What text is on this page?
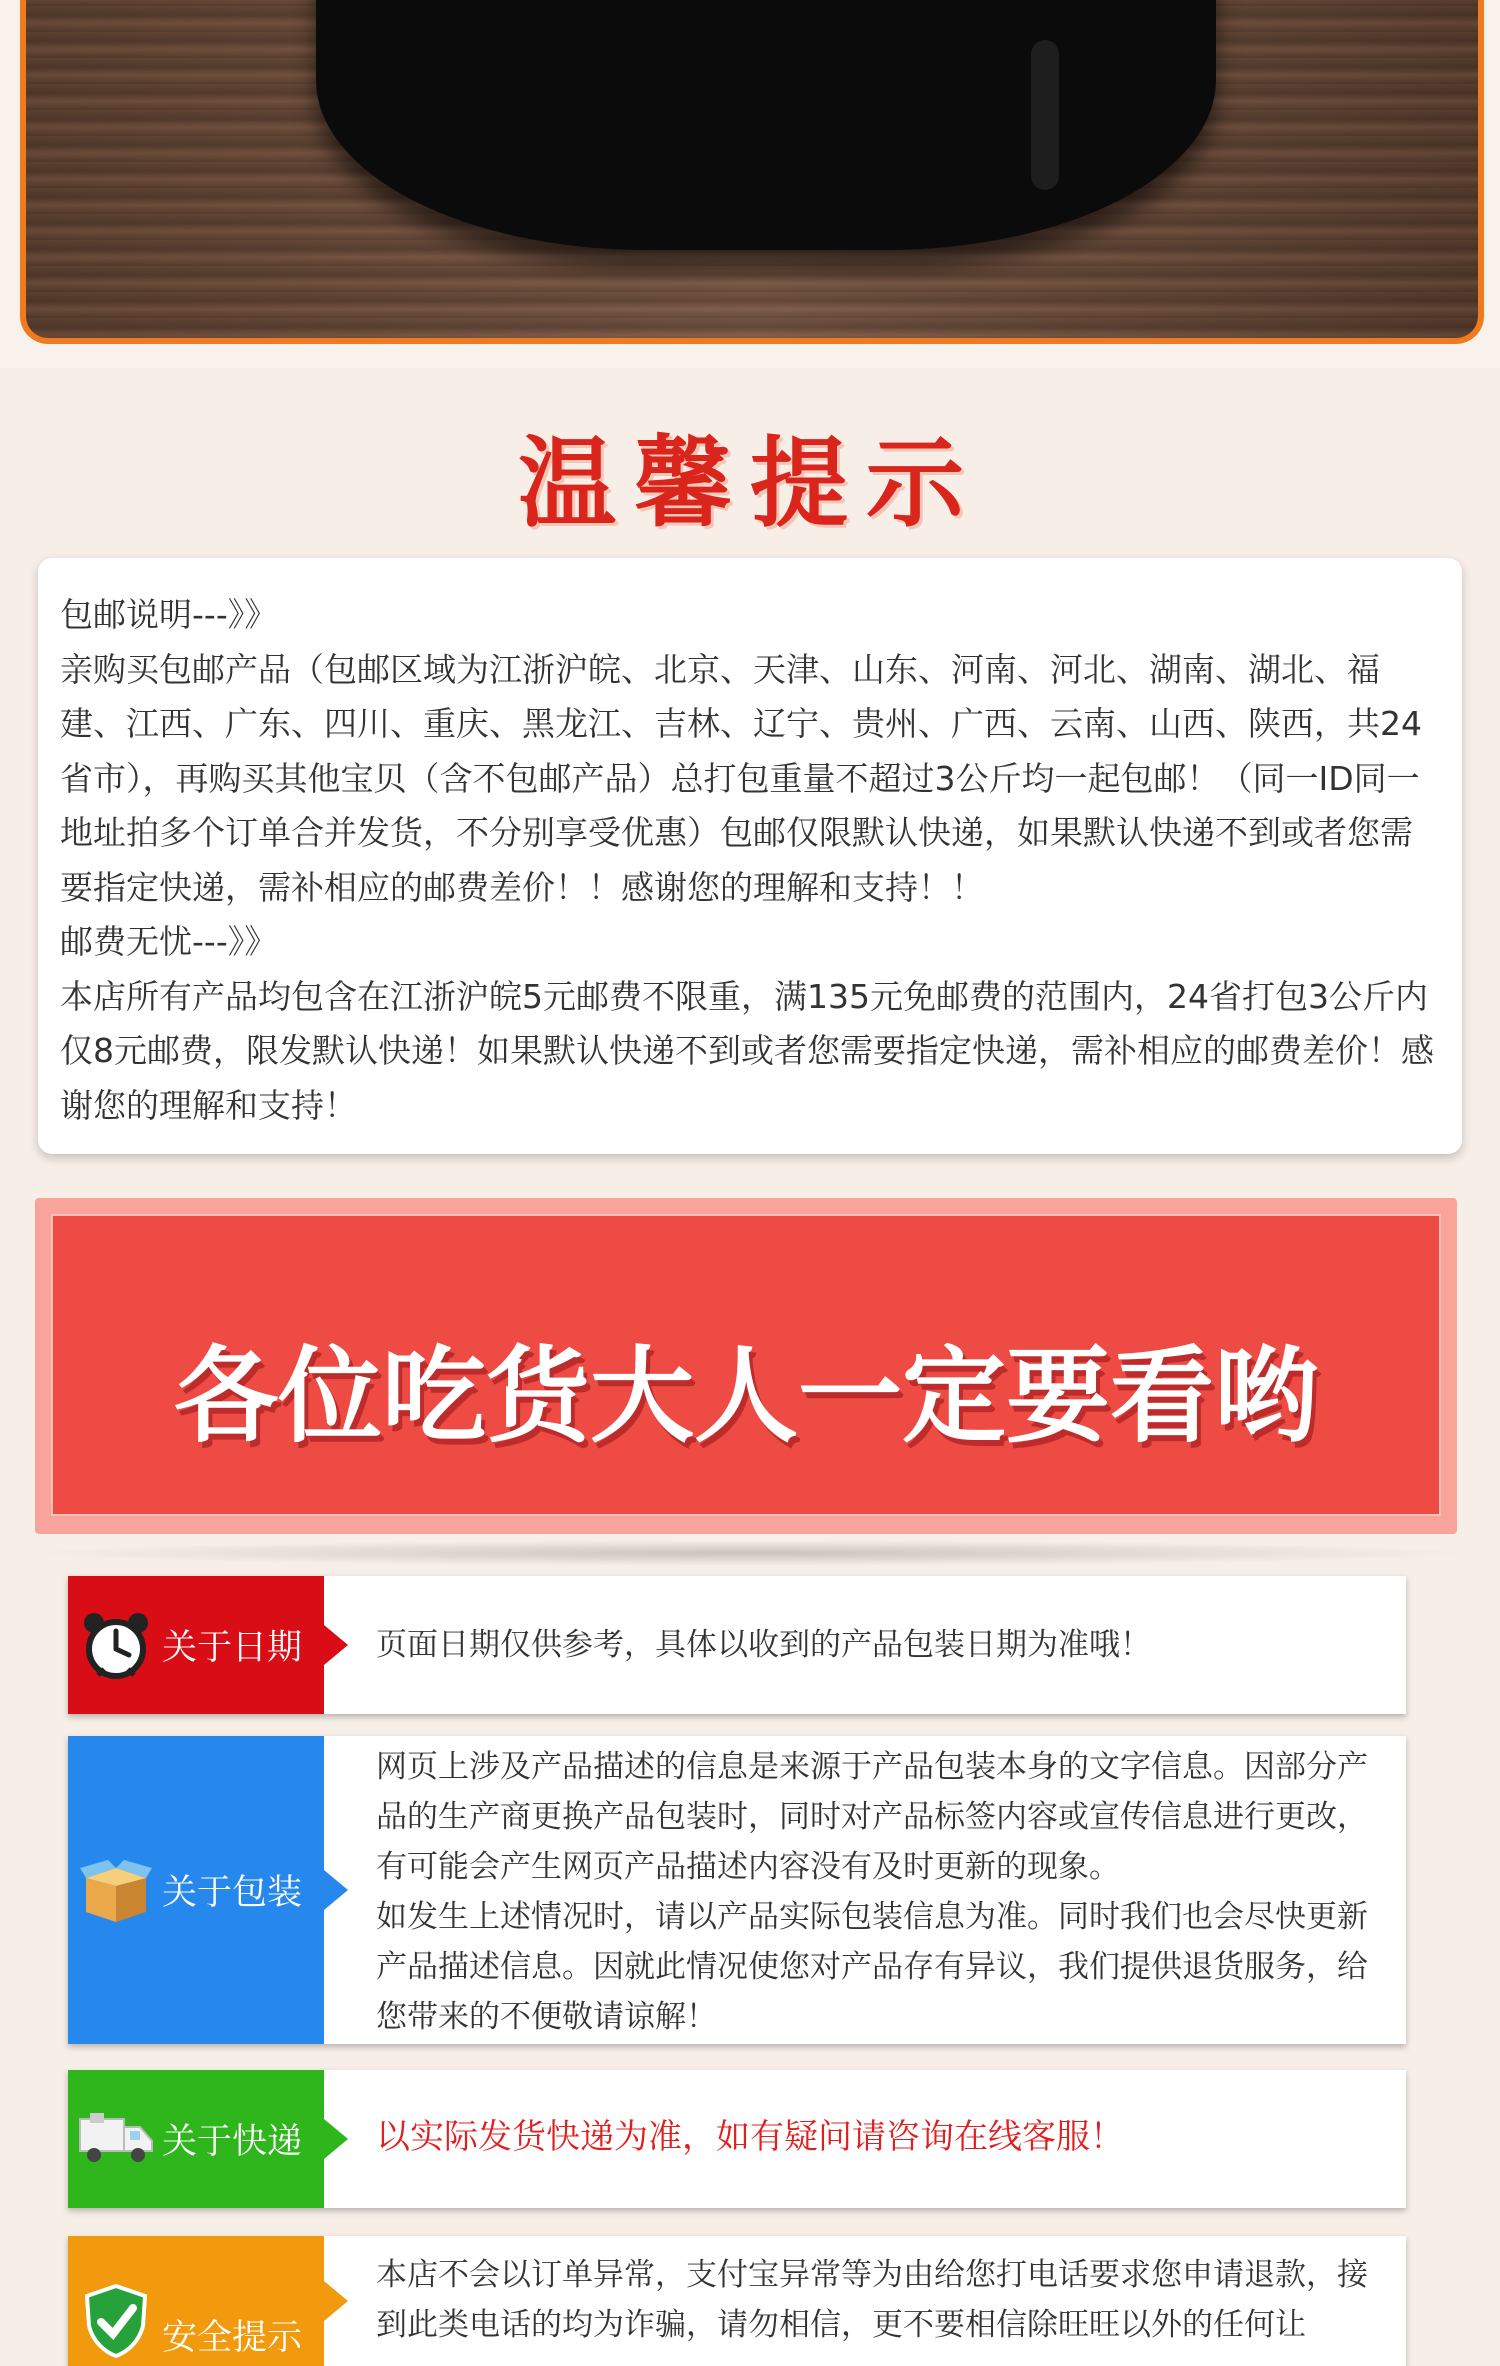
温馨提示

包邮说明---》》

亲购买包邮产品（包邮区域为江浙沪皖、北京、天津、山东、河南、河北、湖南、湖北、福建、江西、广东、四川、重庆、黑龙江、吉林、辽宁、贵州、广西、云南、山西、陕西，共24省市），再购买其他宝贝（含不包邮产品）总打包重量不超过3公斤均一起包邮！（同一ID同一地址拍多个订单合并发货，不分别享受优惠）包邮仅限默认快递，如果默认快递不到或者您需要指定快递，需补相应的邮费差价！！感谢您的理解和支持！！

邮费无忧---》》

本店所有产品均包含在江浙沪皖5元邮费不限重，满135元免邮费的范围内，24省打包3公斤内仅8元邮费，限发默认快递！如果默认快递不到或者您需要指定快递，需补相应的邮费差价！感谢您的理解和支持！

各位吃货大人一定要看哟
关于日期 页面日期仅供参考，具体以收到的产品包装日期为准哦！

关于包装

网页上涉及产品描述的信息是来源于产品包装本身的文字信息。因部分产品的生产商更换产品包装时，同时对产品标签内容或宣传信息进行更改，有可能会产生网页产品描述内容没有及时更新的现象。

如发生上述情况时，请以产品实际包装信息为准。同时我们也会尽快更新产品描述信息。因就此情况使您对产品存有异议，我们提供退货服务，给您带来的不便敬请谅解！

关于快递 以实际发货快递为准，如有疑问请咨询在线客服！

安全提示

本店不会以订单异常，支付宝异常等为由给您打电话要求您申请退款，接到此类电话的均为诈骗，请勿相信，更不要相信除旺旺以外的任何让
